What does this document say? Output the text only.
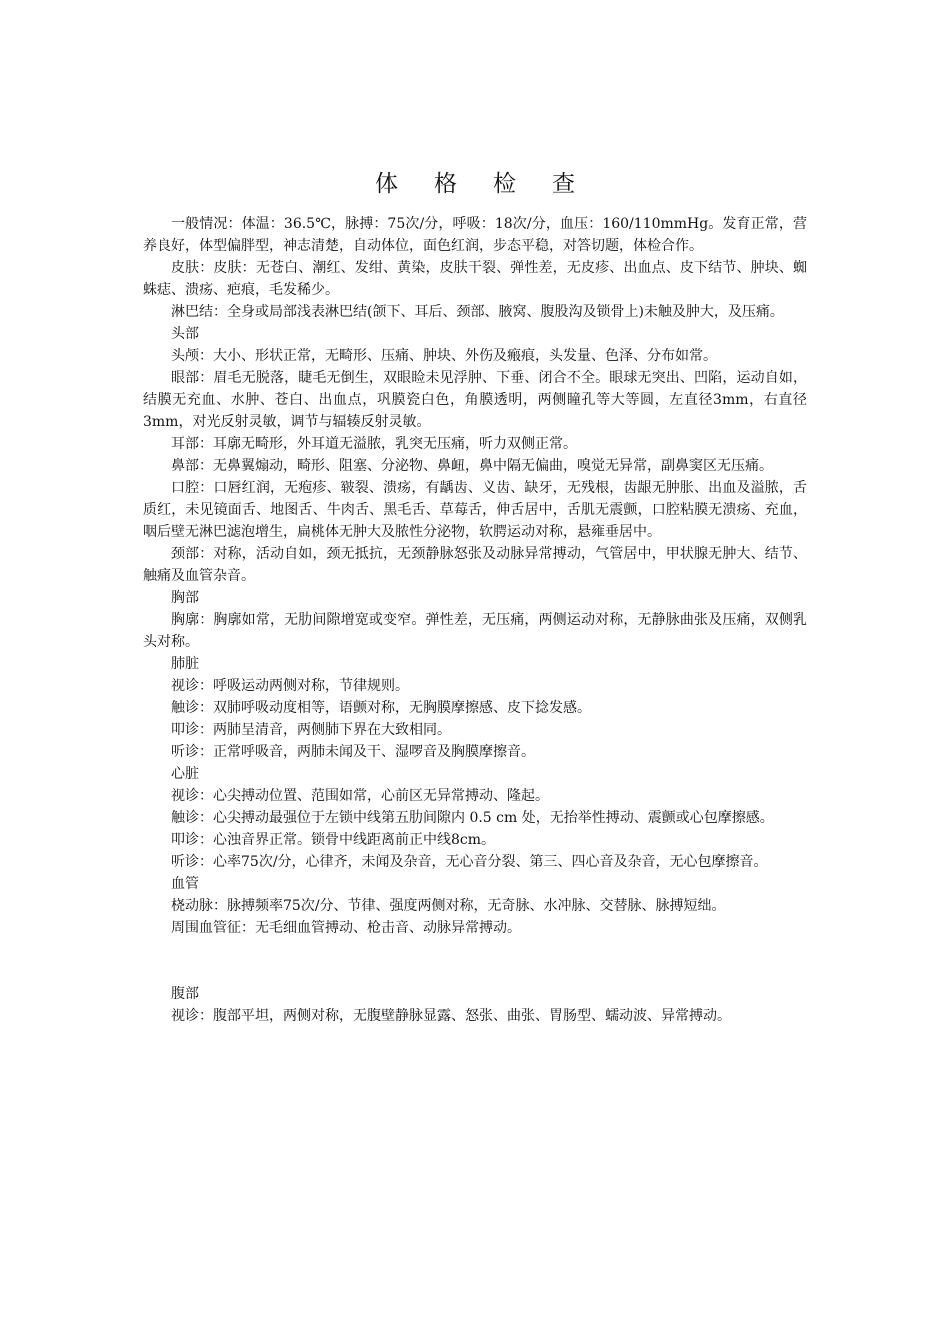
体 格 检 查

一般情况：体温：36.5℃，脉搏：75次/分，呼吸：18次/分，血压：160/110mmHg。发育正常，营养良好，体型偏胖型，神志清楚，自动体位，面色红润，步态平稳，对答切题，体检合作。

皮肤：皮肤：无苍白、潮红、发绀、黄染，皮肤干裂、弹性差，无皮疹、出血点、皮下结节、肿块、蜘蛛痣、溃疡、疤痕，毛发稀少。

淋巴结：全身或局部浅表淋巴结(颌下、耳后、颈部、腋窝、腹股沟及锁骨上)未触及肿大，及压痛。

头部

头颅：大小、形状正常，无畸形、压痛、肿块、外伤及瘢痕，头发量、色泽、分布如常。

眼部：眉毛无脱落，睫毛无倒生，双眼睑未见浮肿、下垂、闭合不全。眼球无突出、凹陷，运动自如，结膜无充血、水肿、苍白、出血点，巩膜瓷白色，角膜透明，两侧瞳孔等大等圆，左直径3mm，右直径3mm，对光反射灵敏，调节与辐辏反射灵敏。

耳部：耳廓无畸形，外耳道无溢脓，乳突无压痛，听力双侧正常。

鼻部：无鼻翼煽动，畸形、阻塞、分泌物、鼻衄，鼻中隔无偏曲，嗅觉无异常，副鼻窦区无压痛。

口腔：口唇红润，无疱疹、皲裂、溃疡，有龋齿、义齿、缺牙，无残根，齿龈无肿胀、出血及溢脓，舌质红，未见镜面舌、地图舌、牛肉舌、黑毛舌、草莓舌，伸舌居中，舌肌无震颤，口腔粘膜无溃疡、充血，咽后壁无淋巴滤泡增生，扁桃体无肿大及脓性分泌物，软腭运动对称，悬雍垂居中。

颈部：对称，活动自如，颈无抵抗，无颈静脉怒张及动脉异常搏动，气管居中，甲状腺无肿大、结节、触痛及血管杂音。

胸部

胸廓：胸廓如常，无肋间隙增宽或变窄。弹性差，无压痛，两侧运动对称，无静脉曲张及压痛，双侧乳头对称。

肺脏

视诊：呼吸运动两侧对称，节律规则。

触诊：双肺呼吸动度相等，语颤对称，无胸膜摩擦感、皮下捻发感。

叩诊：两肺呈清音，两侧肺下界在大致相同。

听诊：正常呼吸音，两肺未闻及干、湿啰音及胸膜摩擦音。

心脏

视诊：心尖搏动位置、范围如常，心前区无异常搏动、隆起。

触诊：心尖搏动最强位于左锁中线第五肋间隙内 0.5 cm 处，无抬举性搏动、震颤或心包摩擦感。

叩诊：心浊音界正常。锁骨中线距离前正中线8cm。

听诊：心率75次/分，心律齐，未闻及杂音，无心音分裂、第三、四心音及杂音，无心包摩擦音。

血管

桡动脉：脉搏频率75次/分、节律、强度两侧对称，无奇脉、水冲脉、交替脉、脉搏短绌。

周围血管征：无毛细血管搏动、枪击音、动脉异常搏动。

腹部

视诊：腹部平坦，两侧对称，无腹壁静脉显露、怒张、曲张、胃肠型、蠕动波、异常搏动。
